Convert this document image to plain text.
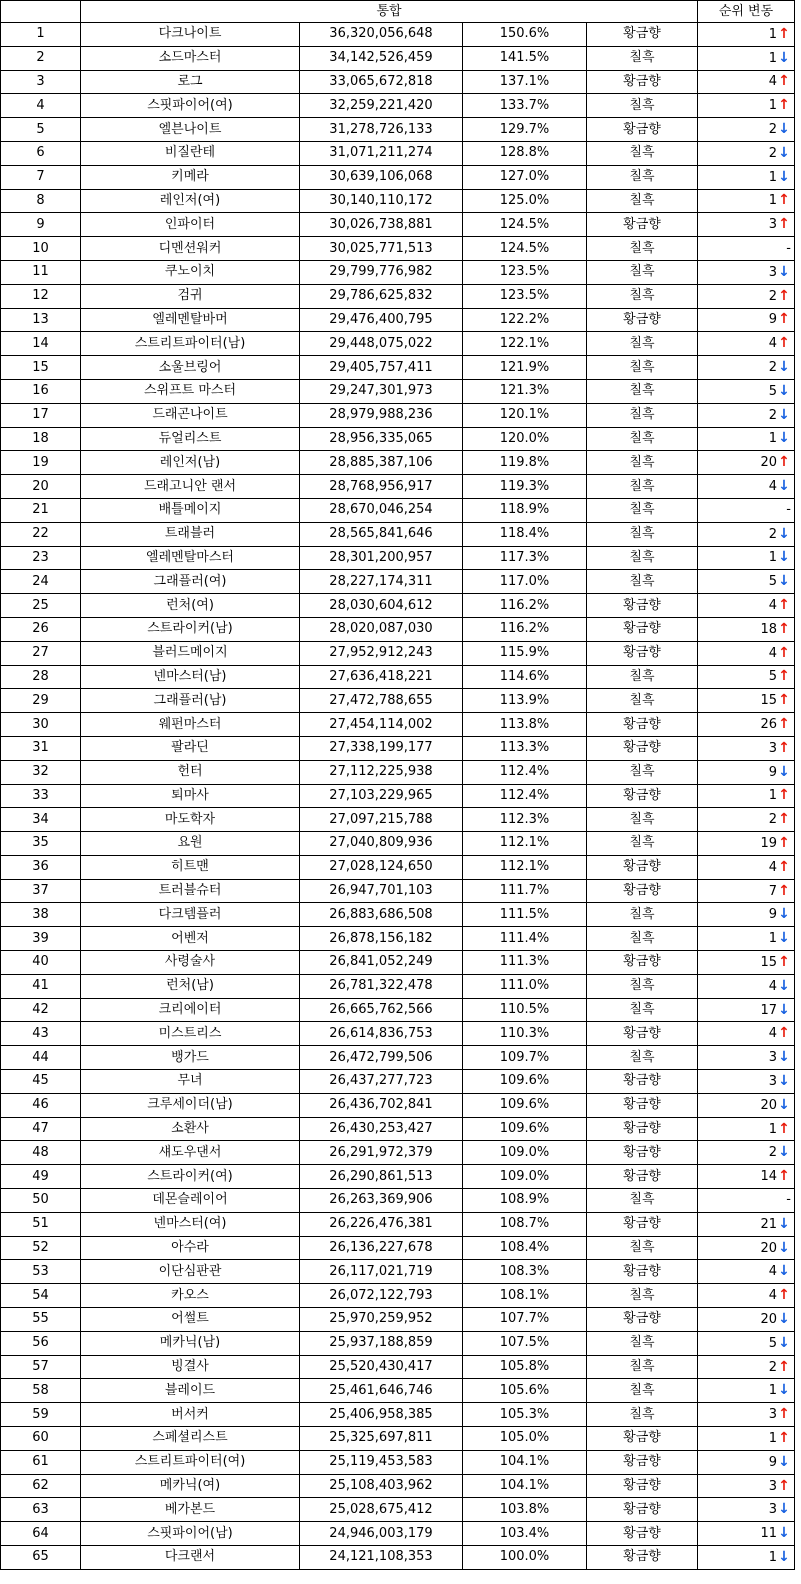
	통합				순위 변동
1	다크나이트	36,320,056,648	150.6%	황금향	1↑
2	소드마스터	34,142,526,459	141.5%	칠흑	1↓
3	로그	33,065,672,818	137.1%	황금향	4↑
4	스핏파이어(여)	32,259,221,420	133.7%	칠흑	1↑
5	엘븐나이트	31,278,726,133	129.7%	황금향	2↓
6	비질란테	31,071,211,274	128.8%	칠흑	2↓
7	키메라	30,639,106,068	127.0%	칠흑	1↓
8	레인저(여)	30,140,110,172	125.0%	칠흑	1↑
9	인파이터	30,026,738,881	124.5%	황금향	3↑
10	디멘션워커	30,025,771,513	124.5%	칠흑	-
11	쿠노이치	29,799,776,982	123.5%	칠흑	3↓
12	검귀	29,786,625,832	123.5%	칠흑	2↑
13	엘레멘탈바머	29,476,400,795	122.2%	황금향	9↑
14	스트리트파이터(남)	29,448,075,022	122.1%	칠흑	4↑
15	소울브링어	29,405,757,411	121.9%	칠흑	2↓
16	스위프트 마스터	29,247,301,973	121.3%	칠흑	5↓
17	드래곤나이트	28,979,988,236	120.1%	칠흑	2↓
18	듀얼리스트	28,956,335,065	120.0%	칠흑	1↓
19	레인저(남)	28,885,387,106	119.8%	칠흑	20↑
20	드래고니안 랜서	28,768,956,917	119.3%	칠흑	4↓
21	배틀메이지	28,670,046,254	118.9%	칠흑	-
22	트래블러	28,565,841,646	118.4%	칠흑	2↓
23	엘레멘탈마스터	28,301,200,957	117.3%	칠흑	1↓
24	그래플러(여)	28,227,174,311	117.0%	칠흑	5↓
25	런처(여)	28,030,604,612	116.2%	황금향	4↑
26	스트라이커(남)	28,020,087,030	116.2%	황금향	18↑
27	블러드메이지	27,952,912,243	115.9%	황금향	4↑
28	넨마스터(남)	27,636,418,221	114.6%	칠흑	5↑
29	그래플러(남)	27,472,788,655	113.9%	칠흑	15↑
30	웨펀마스터	27,454,114,002	113.8%	황금향	26↑
31	팔라딘	27,338,199,177	113.3%	황금향	3↑
32	헌터	27,112,225,938	112.4%	칠흑	9↓
33	퇴마사	27,103,229,965	112.4%	황금향	1↑
34	마도학자	27,097,215,788	112.3%	칠흑	2↑
35	요원	27,040,809,936	112.1%	칠흑	19↑
36	히트맨	27,028,124,650	112.1%	황금향	4↑
37	트러블슈터	26,947,701,103	111.7%	황금향	7↑
38	다크템플러	26,883,686,508	111.5%	칠흑	9↓
39	어벤저	26,878,156,182	111.4%	칠흑	1↓
40	사령술사	26,841,052,249	111.3%	황금향	15↑
41	런처(남)	26,781,322,478	111.0%	칠흑	4↓
42	크리에이터	26,665,762,566	110.5%	칠흑	17↓
43	미스트리스	26,614,836,753	110.3%	황금향	4↑
44	뱅가드	26,472,799,506	109.7%	칠흑	3↓
45	무녀	26,437,277,723	109.6%	황금향	3↓
46	크루세이더(남)	26,436,702,841	109.6%	황금향	20↓
47	소환사	26,430,253,427	109.6%	황금향	1↑
48	섀도우댄서	26,291,972,379	109.0%	황금향	2↓
49	스트라이커(여)	26,290,861,513	109.0%	황금향	14↑
50	데몬슬레이어	26,263,369,906	108.9%	칠흑	-
51	넨마스터(여)	26,226,476,381	108.7%	황금향	21↓
52	아수라	26,136,227,678	108.4%	칠흑	20↓
53	이단심판관	26,117,021,719	108.3%	황금향	4↓
54	카오스	26,072,122,793	108.1%	칠흑	4↑
55	어썰트	25,970,259,952	107.7%	황금향	20↓
56	메카닉(남)	25,937,188,859	107.5%	칠흑	5↓
57	빙결사	25,520,430,417	105.8%	칠흑	2↑
58	블레이드	25,461,646,746	105.6%	칠흑	1↓
59	버서커	25,406,958,385	105.3%	칠흑	3↑
60	스페셜리스트	25,325,697,811	105.0%	황금향	1↑
61	스트리트파이터(여)	25,119,453,583	104.1%	황금향	9↓
62	메카닉(여)	25,108,403,962	104.1%	황금향	3↑
63	베가본드	25,028,675,412	103.8%	황금향	3↓
64	스핏파이어(남)	24,946,003,179	103.4%	황금향	11↓
65	다크랜서	24,121,108,353	100.0%	황금향	1↓
